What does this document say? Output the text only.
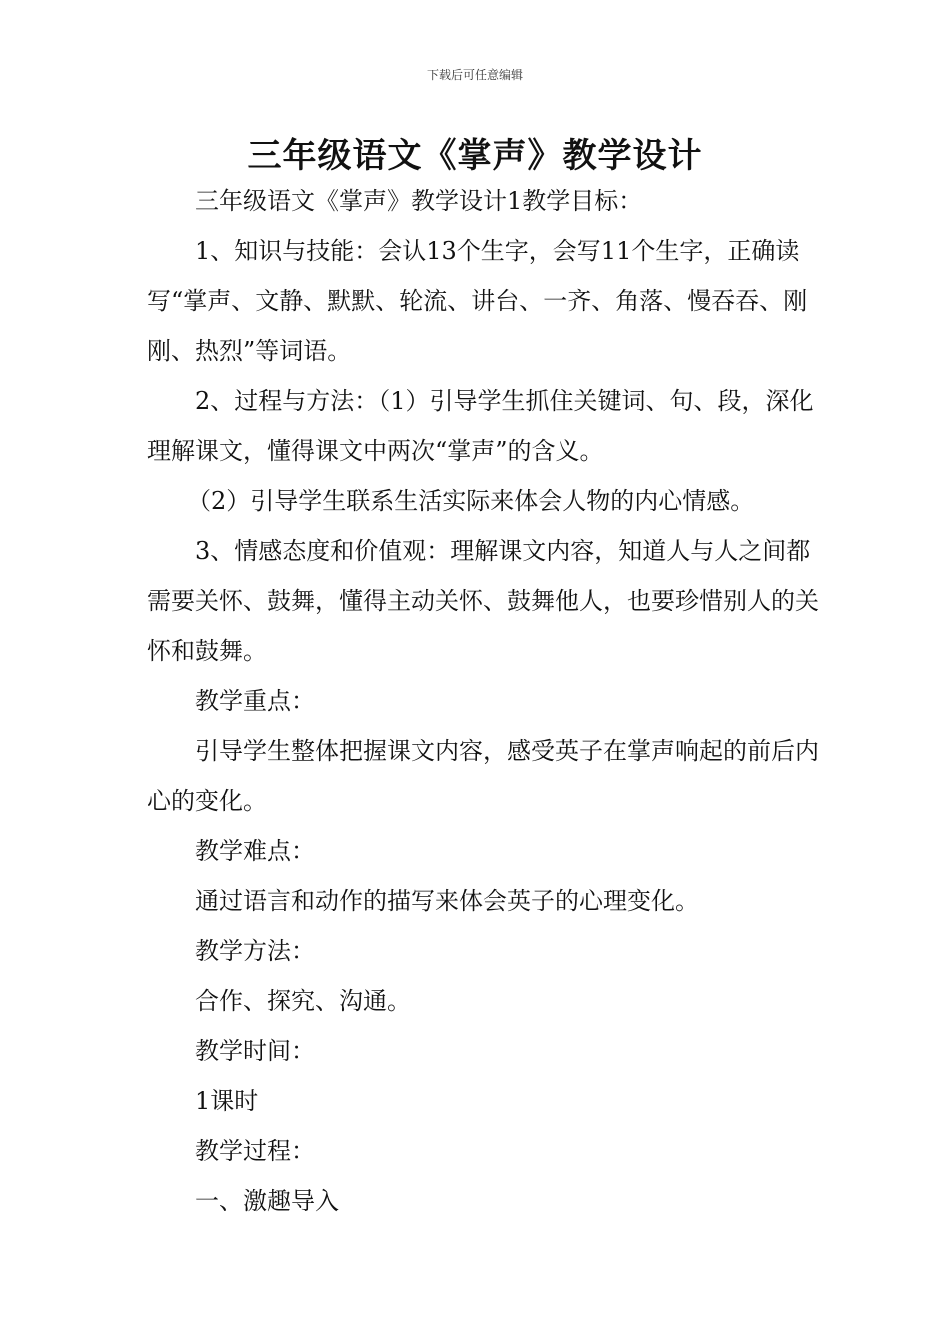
下载后可任意编辑
三年级语文《掌声》教学设计

三年级语文《掌声》教学设计1教学目标：

1、知识与技能：会认13个生字，会写11个生字，正确读写“掌声、文静、默默、轮流、讲台、一齐、角落、慢吞吞、刚刚、热烈”等词语。

2、过程与方法：（1）引导学生抓住关键词、句、段，深化理解课文，懂得课文中两次“掌声”的含义。

（2）引导学生联系生活实际来体会人物的内心情感。

3、情感态度和价值观：理解课文内容，知道人与人之间都需要关怀、鼓舞，懂得主动关怀、鼓舞他人，也要珍惜别人的关怀和鼓舞。

教学重点：

引导学生整体把握课文内容，感受英子在掌声响起的前后内心的变化。

教学难点：

通过语言和动作的描写来体会英子的心理变化。

教学方法：

合作、探究、沟通。

教学时间：

1课时

教学过程：

一、激趣导入
